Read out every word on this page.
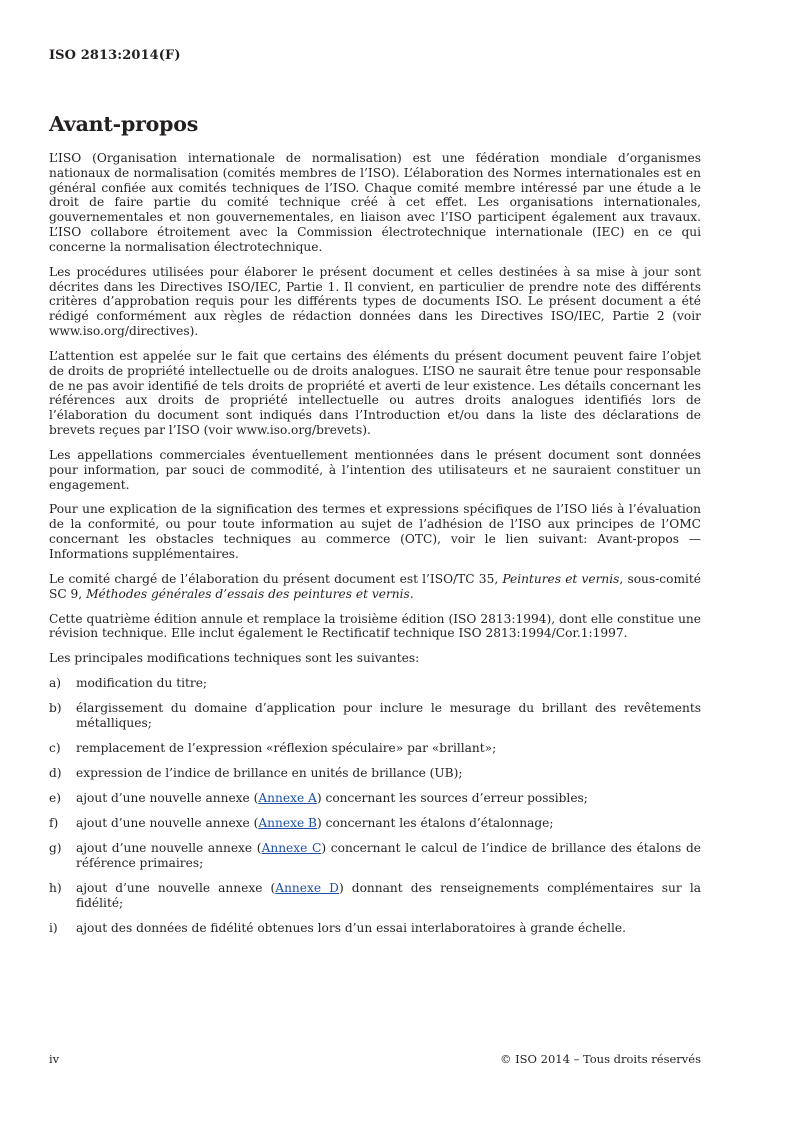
ISO 2813:2014(F)
Avant-propos

L’ISO (Organisation internationale de normalisation) est une fédération mondiale d’organismes nationaux de normalisation (comités membres de l’ISO). L’élaboration des Normes internationales est en général confiée aux comités techniques de l’ISO. Chaque comité membre intéressé par une étude a le droit de faire partie du comité technique créé à cet effet. Les organisations internationales, gouvernementales et non gouvernementales, en liaison avec l’ISO participent également aux travaux. L’ISO collabore étroitement avec la Commission électrotechnique internationale (IEC) en ce qui concerne la normalisation électrotechnique.

Les procédures utilisées pour élaborer le présent document et celles destinées à sa mise à jour sont décrites dans les Directives ISO/IEC, Partie 1. Il convient, en particulier de prendre note des différents critères d’approbation requis pour les différents types de documents ISO. Le présent document a été rédigé conformément aux règles de rédaction données dans les Directives ISO/IEC, Partie 2 (voir www.iso.org/directives).

L’attention est appelée sur le fait que certains des éléments du présent document peuvent faire l’objet de droits de propriété intellectuelle ou de droits analogues. L’ISO ne saurait être tenue pour responsable de ne pas avoir identifié de tels droits de propriété et averti de leur existence. Les détails concernant les références aux droits de propriété intellectuelle ou autres droits analogues identifiés lors de l’élaboration du document sont indiqués dans l’Introduction et/ou dans la liste des déclarations de brevets reçues par l’ISO (voir www.iso.org/brevets).

Les appellations commerciales éventuellement mentionnées dans le présent document sont données pour information, par souci de commodité, à l’intention des utilisateurs et ne sauraient constituer un engagement.

Pour une explication de la signification des termes et expressions spécifiques de l’ISO liés à l’évaluation de la conformité, ou pour toute information au sujet de l’adhésion de l’ISO aux principes de l’OMC concernant les obstacles techniques au commerce (OTC), voir le lien suivant: Avant-propos — Informations supplémentaires.

Le comité chargé de l’élaboration du présent document est l’ISO/TC 35, Peintures et vernis, sous-comité SC 9, Méthodes générales d’essais des peintures et vernis.

Cette quatrième édition annule et remplace la troisième édition (ISO 2813:1994), dont elle constitue une révision technique. Elle inclut également le Rectificatif technique ISO 2813:1994/Cor.1:1997.

Les principales modifications techniques sont les suivantes:

a)	modification du titre;
b)	élargissement du domaine d’application pour inclure le mesurage du brillant des revêtements métalliques;
c)	remplacement de l’expression «réflexion spéculaire» par «brillant»;
d)	expression de l’indice de brillance en unités de brillance (UB);
e)	ajout d’une nouvelle annexe (Annexe A) concernant les sources d’erreur possibles;
f)	ajout d’une nouvelle annexe (Annexe B) concernant les étalons d’étalonnage;
g)	ajout d’une nouvelle annexe (Annexe C) concernant le calcul de l’indice de brillance des étalons de référence primaires;
h)	ajout d’une nouvelle annexe (Annexe D) donnant des renseignements complémentaires sur la fidélité;
i)	ajout des données de fidélité obtenues lors d’un essai interlaboratoires à grande échelle.
iv	© ISO 2014 – Tous droits réservés
